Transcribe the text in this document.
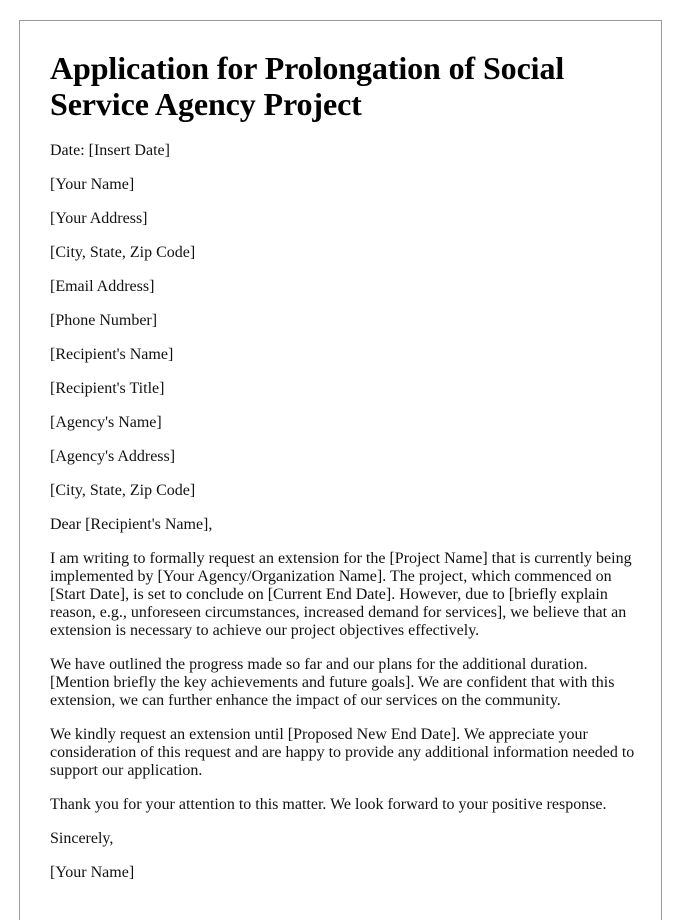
Application for Prolongation of Social Service Agency Project

Date: [Insert Date]

[Your Name]

[Your Address]

[City, State, Zip Code]

[Email Address]

[Phone Number]

[Recipient's Name]

[Recipient's Title]

[Agency's Name]

[Agency's Address]

[City, State, Zip Code]

Dear [Recipient's Name],

I am writing to formally request an extension for the [Project Name] that is currently being implemented by [Your Agency/Organization Name]. The project, which commenced on [Start Date], is set to conclude on [Current End Date]. However, due to [briefly explain reason, e.g., unforeseen circumstances, increased demand for services], we believe that an extension is necessary to achieve our project objectives effectively.

We have outlined the progress made so far and our plans for the additional duration. [Mention briefly the key achievements and future goals]. We are confident that with this extension, we can further enhance the impact of our services on the community.

We kindly request an extension until [Proposed New End Date]. We appreciate your consideration of this request and are happy to provide any additional information needed to support our application.

Thank you for your attention to this matter. We look forward to your positive response.

Sincerely,

[Your Name]
